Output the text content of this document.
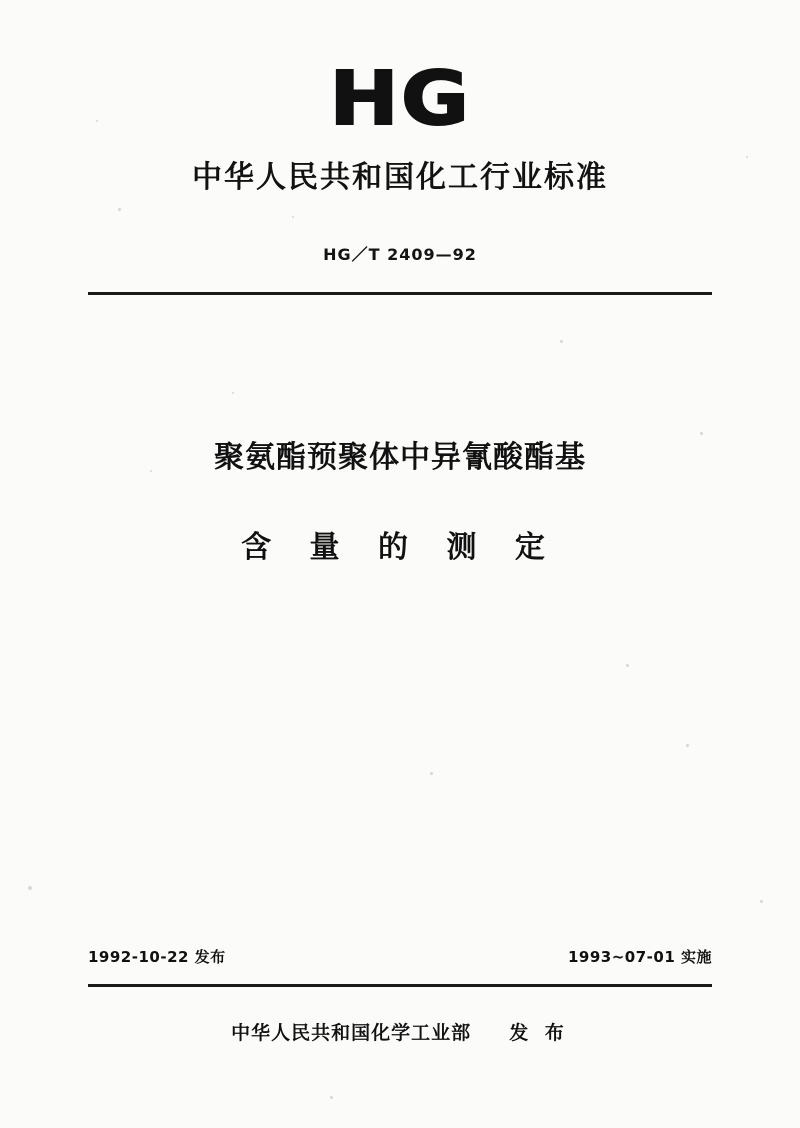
HG
中华人民共和国化工行业标准
HG／T 2409—92
聚氨酯预聚体中异氰酸酯基
含 量 的 测 定
1992-10-22 发布	1993~07-01 实施
中华人民共和国化学工业部 发 布
